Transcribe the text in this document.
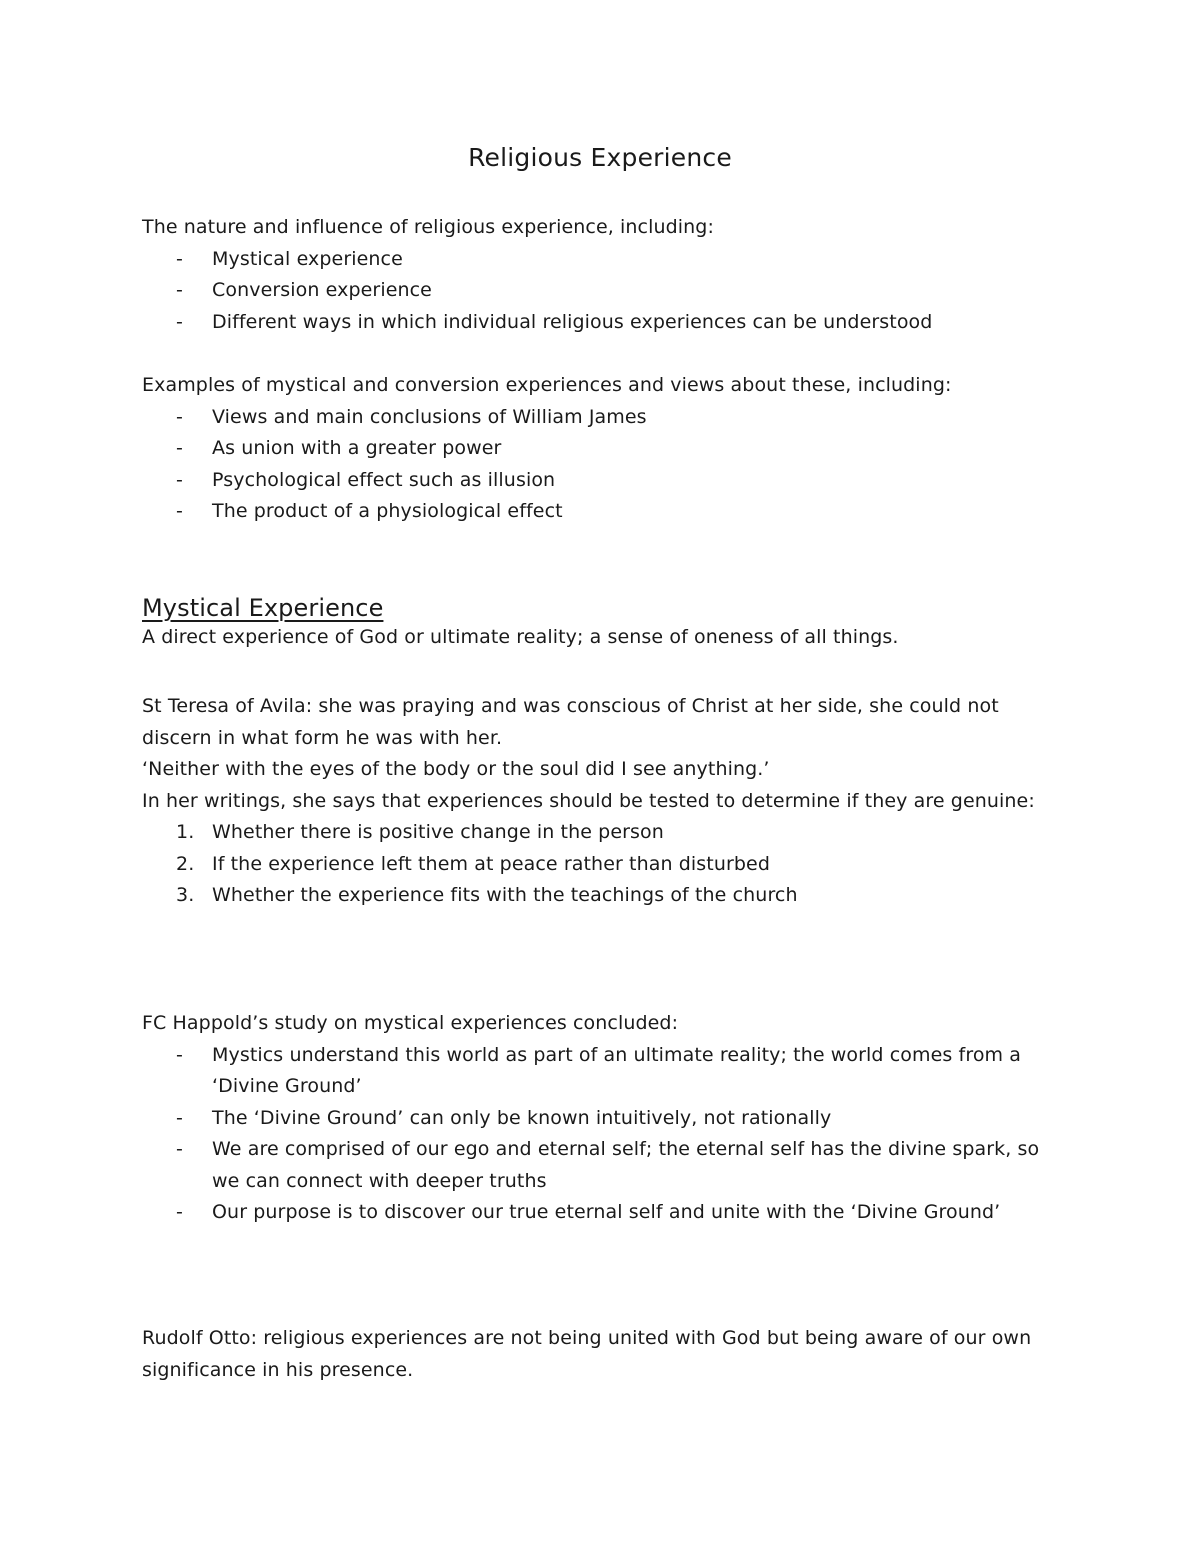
Religious Experience

The nature and influence of religious experience, including:

- Mystical experience
- Conversion experience
- Different ways in which individual religious experiences can be understood

Examples of mystical and conversion experiences and views about these, including:

- Views and main conclusions of William James
- As union with a greater power
- Psychological effect such as illusion
- The product of a physiological effect
Mystical Experience

A direct experience of God or ultimate reality; a sense of oneness of all things.

St Teresa of Avila: she was praying and was conscious of Christ at her side, she could not discern in what form he was with her.

‘Neither with the eyes of the body or the soul did I see anything.’

In her writings, she says that experiences should be tested to determine if they are genuine:

1. Whether there is positive change in the person
2. If the experience left them at peace rather than disturbed
3. Whether the experience fits with the teachings of the church

FC Happold’s study on mystical experiences concluded:

- Mystics understand this world as part of an ultimate reality; the world comes from a ‘Divine Ground’
- The ‘Divine Ground’ can only be known intuitively, not rationally
- We are comprised of our ego and eternal self; the eternal self has the divine spark, so we can connect with deeper truths
- Our purpose is to discover our true eternal self and unite with the ‘Divine Ground’

Rudolf Otto: religious experiences are not being united with God but being aware of our own significance in his presence.
